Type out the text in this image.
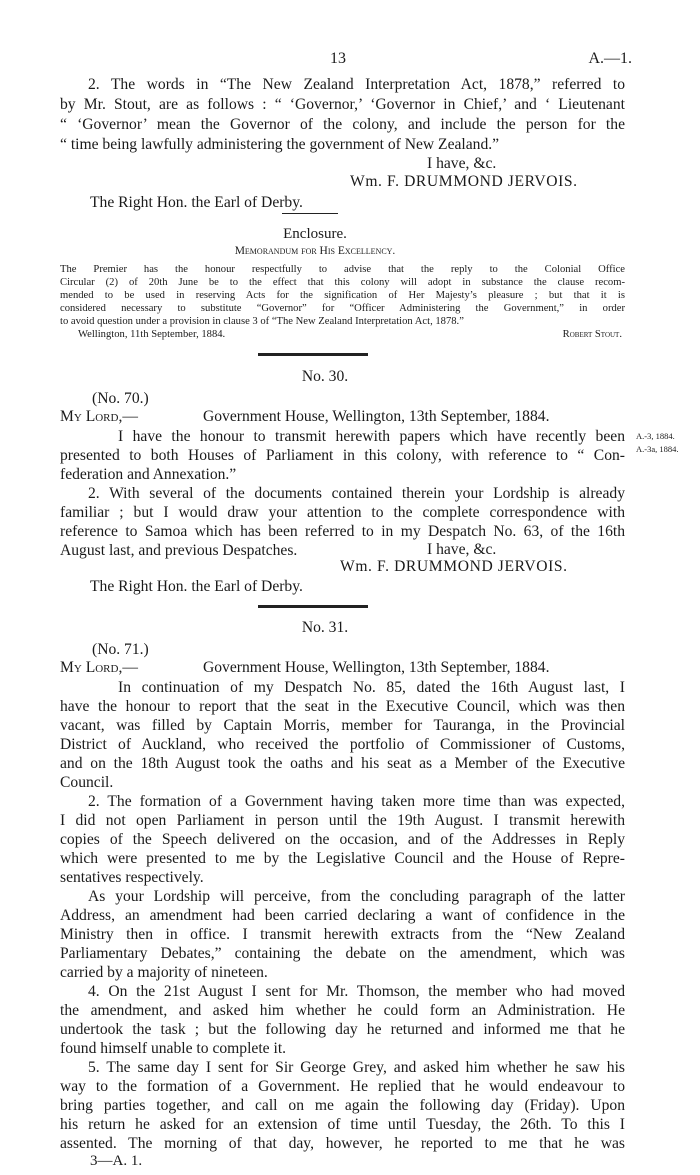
13	A.—1.
2. The words in “The New Zealand Interpretation Act, 1878,” referred to
by Mr. Stout, are as follows : “ ‘Governor,’ ‘Governor in Chief,’ and ‘ Lieutenant
“ ‘Governor’ mean the Governor of the colony, and include the person for the
“ time being lawfully administering the government of New Zealand.”
I have, &c.
Wm. F. DRUMMOND JERVOIS.
The Right Hon. the Earl of Derby.
Enclosure.
Memorandum for His Excellency.
The Premier has the honour respectfully to advise that the reply to the Colonial Office
Circular (2) of 20th June be to the effect that this colony will adopt in substance the clause recom-
mended to be used in reserving Acts for the signification of Her Majesty’s pleasure ; but that it is
considered necessary to substitute “Governor” for “Officer Administering the Government,” in order
to avoid question under a provision in clause 3 of “The New Zealand Interpretation Act, 1878.”
Wellington, 11th September, 1884.	Robert Stout.
No. 30.
(No. 70.)
My Lord,—	Government House, Wellington, 13th September, 1884.
I have the honour to transmit herewith papers which have recently been
presented to both Houses of Parliament in this colony, with reference to “ Con-
federation and Annexation.”
2. With several of the documents contained therein your Lordship is already
familiar ; but I would draw your attention to the complete correspondence with
reference to Samoa which has been referred to in my Despatch No. 63, of the 16th
August last, and previous Despatches.
A.-3, 1884.
A.-3a, 1884.
I have, &c.
Wm. F. DRUMMOND JERVOIS.
The Right Hon. the Earl of Derby.
No. 31.
(No. 71.)
My Lord,—	Government House, Wellington, 13th September, 1884.
In continuation of my Despatch No. 85, dated the 16th August last, I
have the honour to report that the seat in the Executive Council, which was then
vacant, was filled by Captain Morris, member for Tauranga, in the Provincial
District of Auckland, who received the portfolio of Commissioner of Customs,
and on the 18th August took the oaths and his seat as a Member of the Executive
Council.
2. The formation of a Government having taken more time than was expected,
I did not open Parliament in person until the 19th August. I transmit herewith
copies of the Speech delivered on the occasion, and of the Addresses in Reply
which were presented to me by the Legislative Council and the House of Repre-
sentatives respectively.
As your Lordship will perceive, from the concluding paragraph of the latter
Address, an amendment had been carried declaring a want of confidence in the
Ministry then in office. I transmit herewith extracts from the “New Zealand
Parliamentary Debates,” containing the debate on the amendment, which was
carried by a majority of nineteen.
4. On the 21st August I sent for Mr. Thomson, the member who had moved
the amendment, and asked him whether he could form an Administration. He
undertook the task ; but the following day he returned and informed me that he
found himself unable to complete it.
5. The same day I sent for Sir George Grey, and asked him whether he saw his
way to the formation of a Government. He replied that he would endeavour to
bring parties together, and call on me again the following day (Friday). Upon
his return he asked for an extension of time until Tuesday, the 26th. To this I
assented. The morning of that day, however, he reported to me that he was
3—A. 1.
